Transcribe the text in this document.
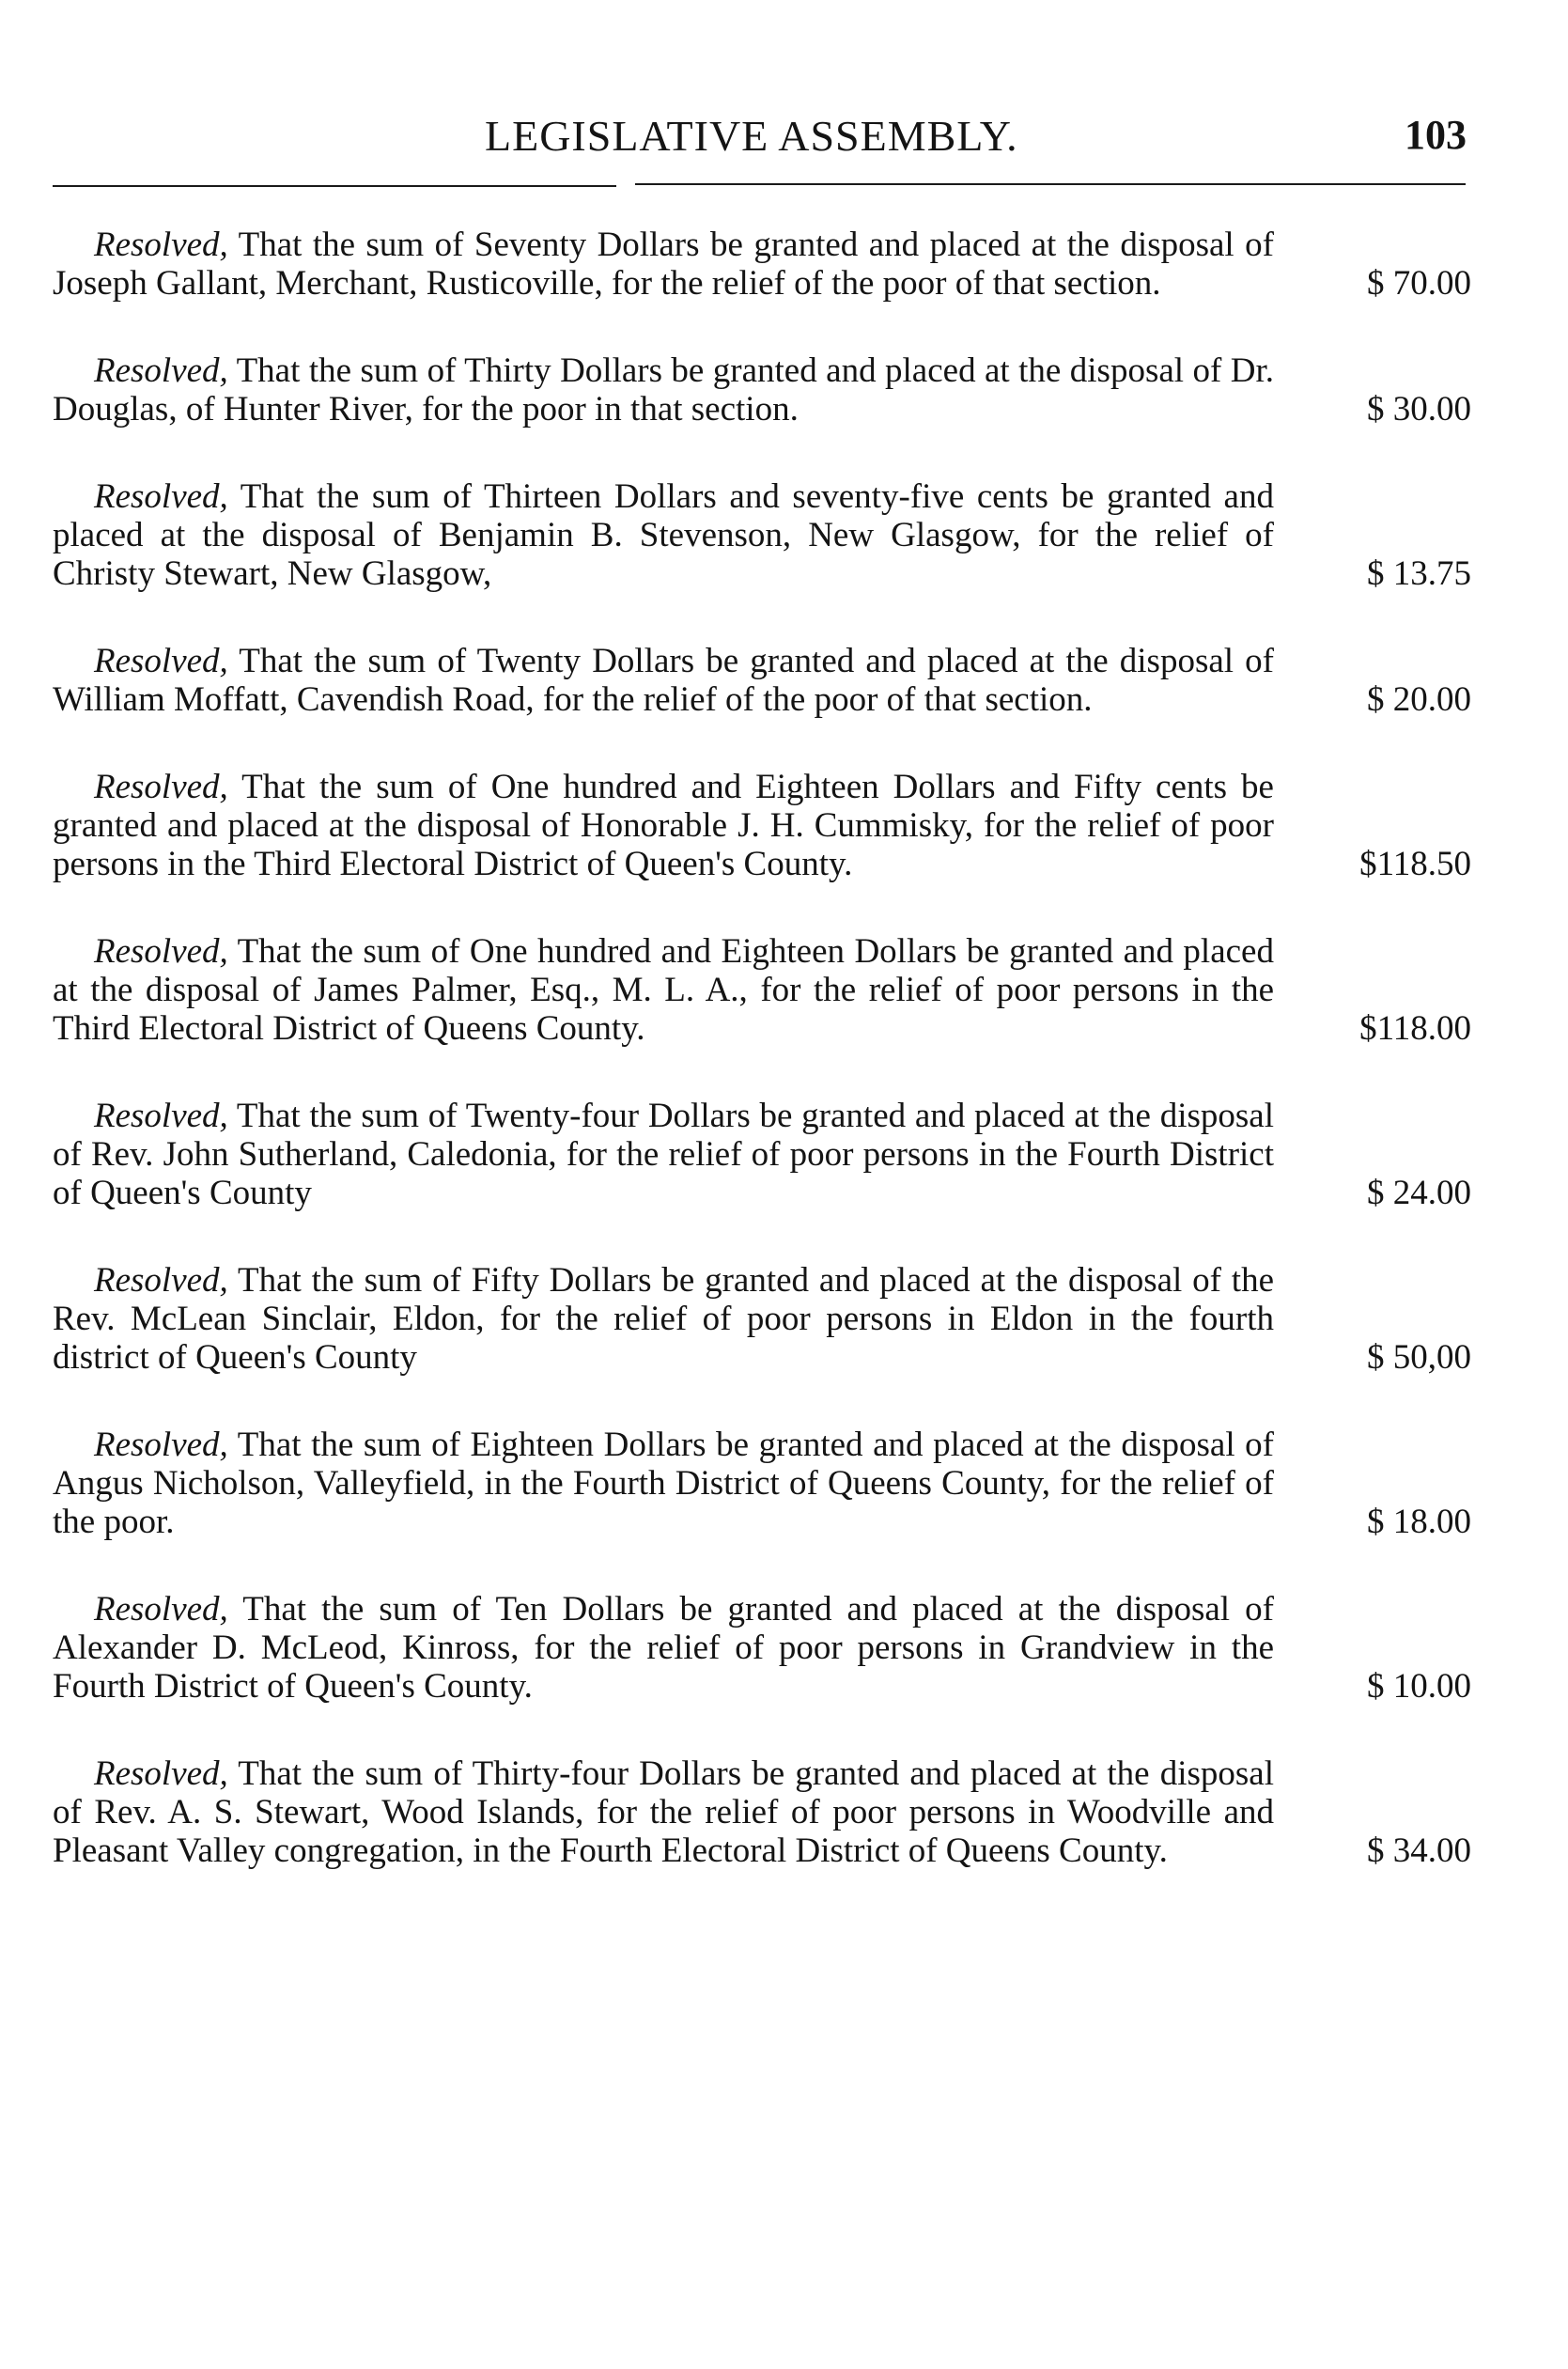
LEGISLATIVE ASSEMBLY.	103

Resolved, That the sum of Seventy Dollars be granted and placed at the disposal of Joseph Gallant, Merchant, Rusticoville, for the relief of the poor of that section.	$ 70.00

Resolved, That the sum of Thirty Dollars be granted and placed at the disposal of Dr. Douglas, of Hunter River, for the poor in that section.	$ 30.00

Resolved, That the sum of Thirteen Dollars and seventy-five cents be granted and placed at the disposal of Benjamin B. Stevenson, New Glasgow, for the relief of Christy Stewart, New Glasgow,	$ 13.75

Resolved, That the sum of Twenty Dollars be granted and placed at the disposal of William Moffatt, Cavendish Road, for the relief of the poor of that section.	$ 20.00

Resolved, That the sum of One hundred and Eighteen Dollars and Fifty cents be granted and placed at the disposal of Honorable J. H. Cummisky, for the relief of poor persons in the Third Electoral District of Queen's County.	$118.50

Resolved, That the sum of One hundred and Eighteen Dollars be granted and placed at the disposal of James Palmer, Esq., M. L. A., for the relief of poor persons in the Third Electoral District of Queens County.	$118.00

Resolved, That the sum of Twenty-four Dollars be granted and placed at the disposal of Rev. John Sutherland, Caledonia, for the relief of poor persons in the Fourth District of Queen's County	$ 24.00

Resolved, That the sum of Fifty Dollars be granted and placed at the disposal of the Rev. McLean Sinclair, Eldon, for the relief of poor persons in Eldon in the fourth district of Queen's County	$ 50,00

Resolved, That the sum of Eighteen Dollars be granted and placed at the disposal of Angus Nicholson, Valleyfield, in the Fourth District of Queens County, for the relief of the poor.	$ 18.00

Resolved, That the sum of Ten Dollars be granted and placed at the disposal of Alexander D. McLeod, Kinross, for the relief of poor persons in Grandview in the Fourth District of Queen's County.	$ 10.00

Resolved, That the sum of Thirty-four Dollars be granted and placed at the disposal of Rev. A. S. Stewart, Wood Islands, for the relief of poor persons in Woodville and Pleasant Valley congregation, in the Fourth Electoral District of Queens County.	$ 34.00
